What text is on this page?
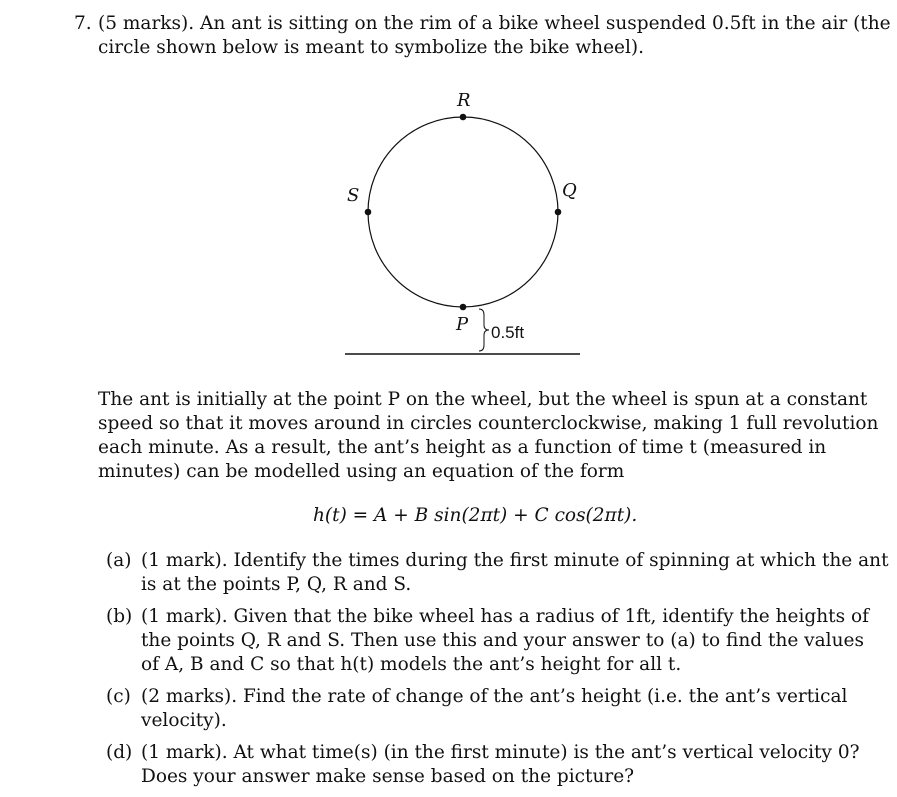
7. (5 marks). An ant is sitting on the rim of a bike wheel suspended 0.5ft in the air (the
circle shown below is meant to symbolize the bike wheel).
R
S	Q
P 0.5ft
The ant is initially at the point P on the wheel, but the wheel is spun at a constant
speed so that it moves around in circles counterclockwise, making 1 full revolution
each minute. As a result, the ant’s height as a function of time t (measured in
minutes) can be modelled using an equation of the form
h(t) = A + B sin(2πt) + C cos(2πt).
(a) (1 mark). Identify the times during the first minute of spinning at which the ant
is at the points P, Q, R and S.
(b) (1 mark). Given that the bike wheel has a radius of 1ft, identify the heights of
the points Q, R and S. Then use this and your answer to (a) to find the values
of A, B and C so that h(t) models the ant’s height for all t.
(c) (2 marks). Find the rate of change of the ant’s height (i.e. the ant’s vertical
velocity).
(d) (1 mark). At what time(s) (in the first minute) is the ant’s vertical velocity 0?
Does your answer make sense based on the picture?
